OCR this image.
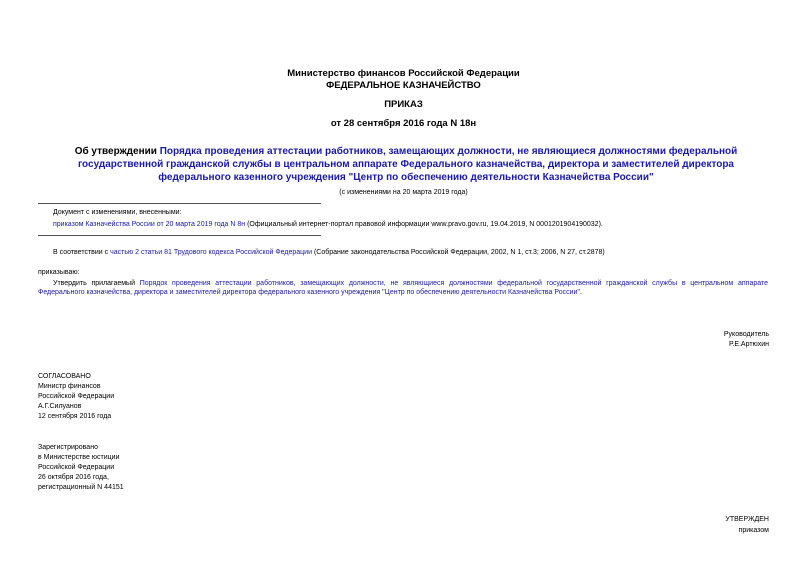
Министерство финансов Российской Федерации
ФЕДЕРАЛЬНОЕ КАЗНАЧЕЙСТВО
ПРИКАЗ
от 28 сентября 2016 года N 18н
Об утверждении Порядка проведения аттестации работников, замещающих должности, не являющиеся должностями федеральной государственной гражданской службы в центральном аппарате Федерального казначейства, директора и заместителей директора федерального казенного учреждения "Центр по обеспечению деятельности Казначейства России"
(с изменениями на 20 марта 2019 года)
Документ с изменениями, внесенными:
приказом Казначейства России от 20 марта 2019 года N 8н (Официальный интернет-портал правовой информации www.pravo.gov.ru, 19.04.2019, N 0001201904190032).
В соответствии с частью 2 статьи 81 Трудового кодекса Российской Федерации (Собрание законодательства Российской Федерации, 2002, N 1, ст.3; 2006, N 27, ст.2878)
приказываю:
Утвердить прилагаемый Порядок проведения аттестации работников, замещающих должности, не являющиеся должностями федеральной государственной гражданской службы в центральном аппарате Федерального казначейства, директора и заместителей директора федерального казенного учреждения "Центр по обеспечению деятельности Казначейства России".
Руководитель
Р.Е.Артюхин
СОГЛАСОВАНО
Министр финансов
Российской Федерации
А.Г.Силуанов
12 сентября 2016 года
Зарегистрировано
в Министерстве юстиции
Российской Федерации
26 октября 2016 года,
регистрационный N 44151
УТВЕРЖДЕН
приказом
